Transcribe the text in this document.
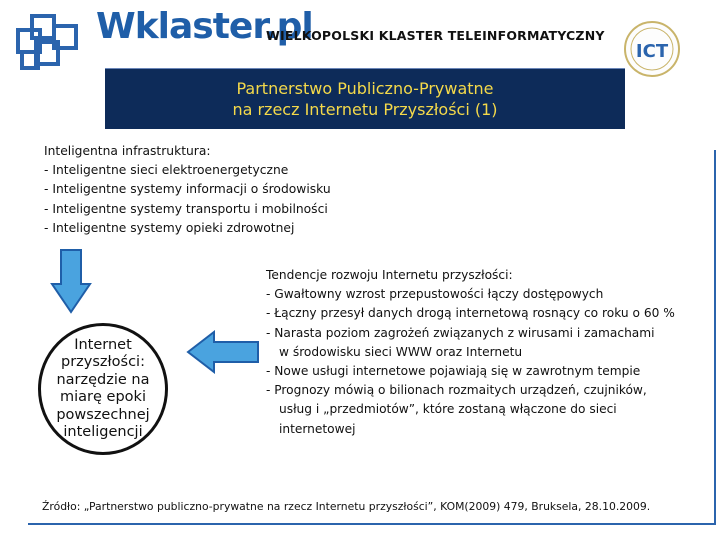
Wklaster.pl
WIELKOPOLSKI KLASTER TELEINFORMATYCZNY
ICT
Partnerstwo Publiczno-Prywatne
na rzecz Internetu Przyszłości (1)
Inteligentna infrastruktura:
- Inteligentne sieci elektroenergetyczne
- Inteligentne systemy informacji o środowisku
- Inteligentne systemy transportu i mobilności
- Inteligentne systemy opieki zdrowotnej
Internet
przyszłości:
narzędzie na
miarę epoki
powszechnej
inteligencji
Tendencje rozwoju Internetu przyszłości:
- Gwałtowny wzrost przepustowości łączy dostępowych
- Łączny przesył danych drogą internetową rosnący co roku o 60 %
- Narasta poziom zagrożeń związanych z wirusami i zamachami
w środowisku sieci WWW oraz Internetu
- Nowe usługi internetowe pojawiają się w zawrotnym tempie
- Prognozy mówią o bilionach rozmaitych urządzeń, czujników,
usług i „przedmiotów”, które zostaną włączone do sieci
internetowej
Źródło: „Partnerstwo publiczno-prywatne na rzecz Internetu przyszłości”, KOM(2009) 479, Bruksela, 28.10.2009.
